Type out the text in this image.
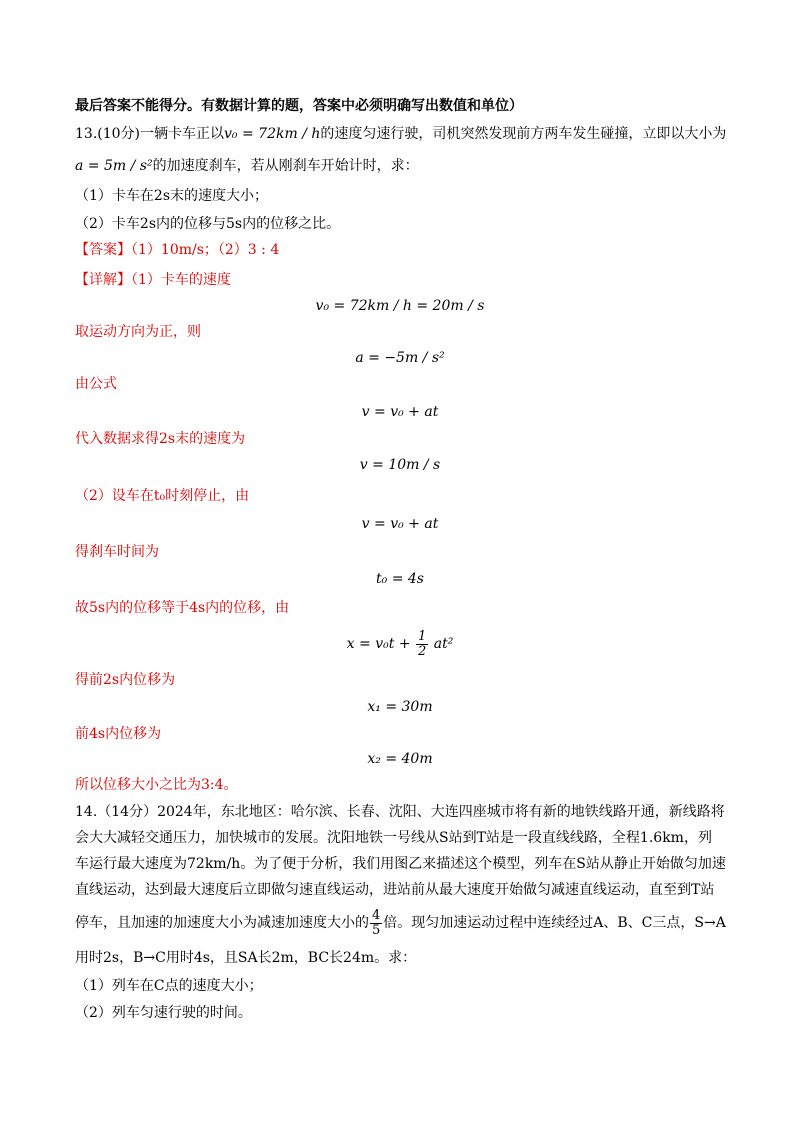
最后答案不能得分。有数据计算的题，答案中必须明确写出数值和单位）
13.(10分)一辆卡车正以v₀ = 72km / h的速度匀速行驶，司机突然发现前方两车发生碰撞，立即以大小为
a = 5m / s²的加速度刹车，若从刚刹车开始计时，求：
（1）卡车在2s末的速度大小；
（2）卡车2s内的位移与5s内的位移之比。
【答案】（1）10m/s；（2）3 : 4
【详解】（1）卡车的速度
v₀ = 72km / h = 20m / s
取运动方向为正，则
a = −5m / s²
由公式
v = v₀ + at
代入数据求得2s末的速度为
v = 10m / s
（2）设车在t₀时刻停止，由
v = v₀ + at
得刹车时间为
t₀ = 4s
故5s内的位移等于4s内的位移，由
$x = v_0t + \frac{1}{2} at^2$
得前2s内位移为
x₁ = 30m
前4s内位移为
x₂ = 40m
所以位移大小之比为3:4。
14.（14分）2024年，东北地区：哈尔滨、长春、沈阳、大连四座城市将有新的地铁线路开通，新线路将
会大大减轻交通压力，加快城市的发展。沈阳地铁一号线从S站到T站是一段直线线路，全程1.6km，列
车运行最大速度为72km/h。为了便于分析，我们用图乙来描述这个模型，列车在S站从静止开始做匀加速
直线运动，达到最大速度后立即做匀速直线运动，进站前从最大速度开始做匀减速直线运动，直至到T站
停车，且加速的加速度大小为减速加速度大小的 $\frac{4}{5}$ 倍。现匀加速运动过程中连续经过A、B、C三点，S→A
用时2s，B→C用时4s，且SA长2m，BC长24m。求：
（1）列车在C点的速度大小；
（2）列车匀速行驶的时间。
